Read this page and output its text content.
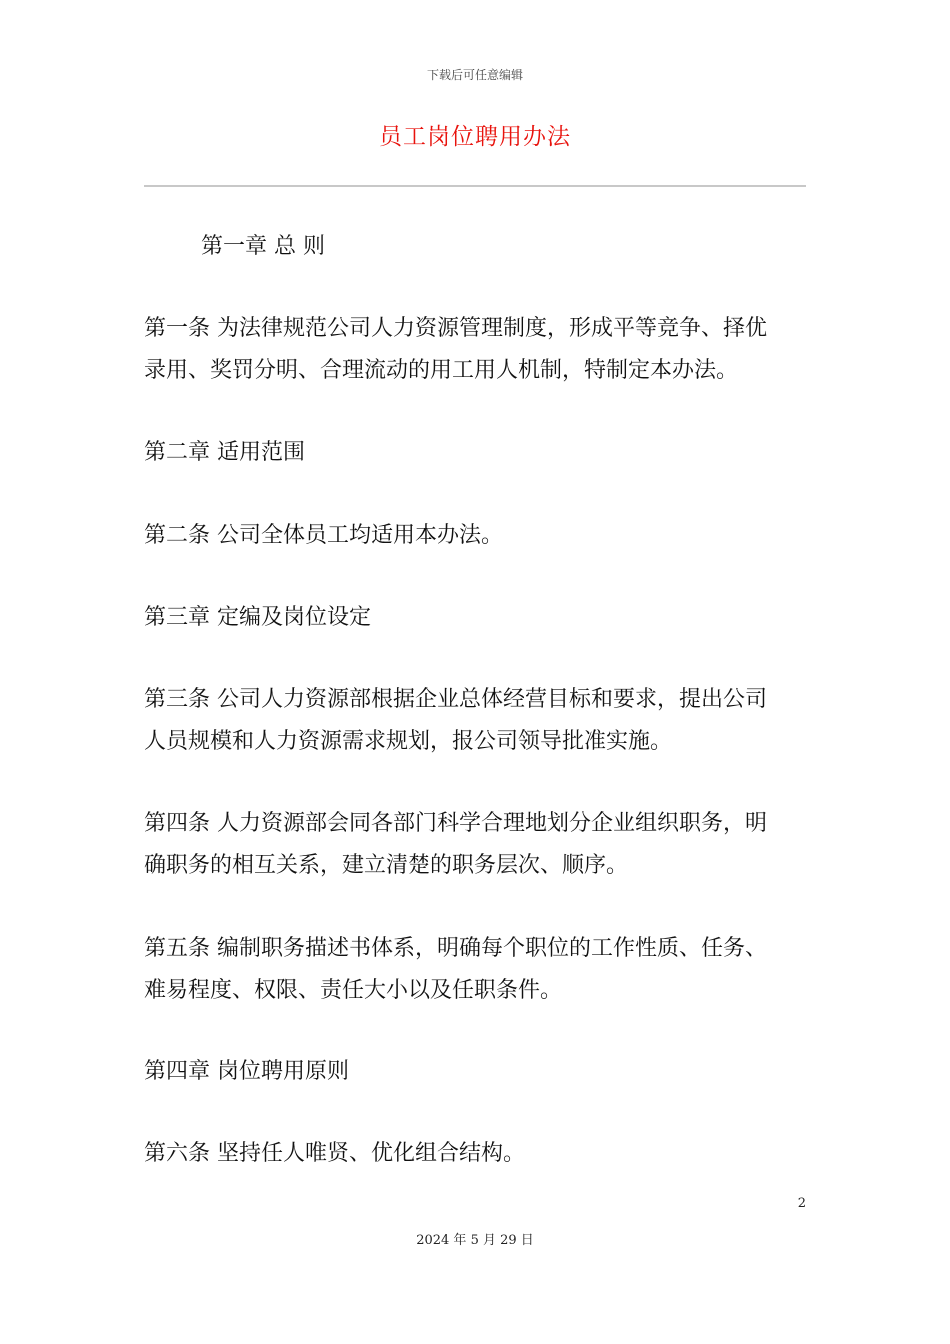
下载后可任意编辑
员工岗位聘用办法
第一章 总 则
第一条 为法律规范公司人力资源管理制度，形成平等竞争、择优
录用、奖罚分明、合理流动的用工用人机制，特制定本办法。
第二章 适用范围
第二条 公司全体员工均适用本办法。
第三章 定编及岗位设定
第三条 公司人力资源部根据企业总体经营目标和要求，提出公司
人员规模和人力资源需求规划，报公司领导批准实施。
第四条 人力资源部会同各部门科学合理地划分企业组织职务，明
确职务的相互关系，建立清楚的职务层次、顺序。
第五条 编制职务描述书体系，明确每个职位的工作性质、任务、
难易程度、权限、责任大小以及任职条件。
第四章 岗位聘用原则
第六条 坚持任人唯贤、优化组合结构。
2
2024 年 5 月 29 日
